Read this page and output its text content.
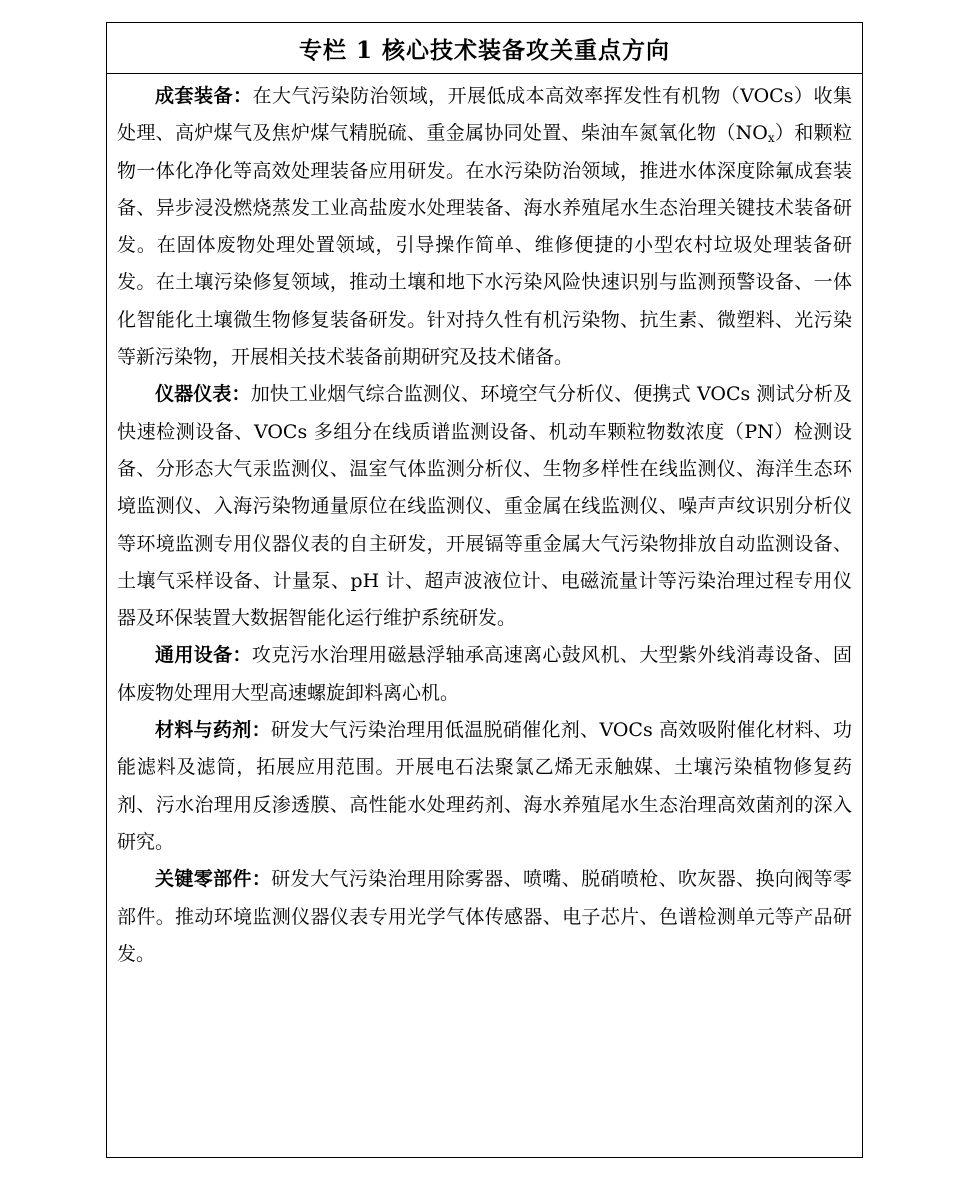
专栏 1 核心技术装备攻关重点方向

成套装备：在大气污染防治领域，开展低成本高效率挥发性有机物（VOCs）收集处理、高炉煤气及焦炉煤气精脱硫、重金属协同处置、柴油车氮氧化物$(NO_x)$和颗粒物一体化净化等高效处理装备应用研发。在水污染防治领域，推进水体深度除氟成套装备、异步浸没燃烧蒸发工业高盐废水处理装备、海水养殖尾水生态治理关键技术装备研发。在固体废物处理处置领域，引导操作简单、维修便捷的小型农村垃圾处理装备研发。在土壤污染修复领域，推动土壤和地下水污染风险快速识别与监测预警设备、一体化智能化土壤微生物修复装备研发。针对持久性有机污染物、抗生素、微塑料、光污染等新污染物，开展相关技术装备前期研究及技术储备。

仪器仪表：加快工业烟气综合监测仪、环境空气分析仪、便携式 VOCs 测试分析及快速检测设备、VOCs 多组分在线质谱监测设备、机动车颗粒物数浓度（PN）检测设备、分形态大气汞监测仪、温室气体监测分析仪、生物多样性在线监测仪、海洋生态环境监测仪、入海污染物通量原位在线监测仪、重金属在线监测仪、噪声声纹识别分析仪等环境监测专用仪器仪表的自主研发，开展镉等重金属大气污染物排放自动监测设备、土壤气采样设备、计量泵、pH 计、超声波液位计、电磁流量计等污染治理过程专用仪器及环保装置大数据智能化运行维护系统研发。

通用设备：攻克污水治理用磁悬浮轴承高速离心鼓风机、大型紫外线消毒设备、固体废物处理用大型高速螺旋卸料离心机。

材料与药剂：研发大气污染治理用低温脱硝催化剂、VOCs 高效吸附催化材料、功能滤料及滤筒，拓展应用范围。开展电石法聚氯乙烯无汞触媒、土壤污染植物修复药剂、污水治理用反渗透膜、高性能水处理药剂、海水养殖尾水生态治理高效菌剂的深入研究。

关键零部件：研发大气污染治理用除雾器、喷嘴、脱硝喷枪、吹灰器、换向阀等零部件。推动环境监测仪器仪表专用光学气体传感器、电子芯片、色谱检测单元等产品研发。
